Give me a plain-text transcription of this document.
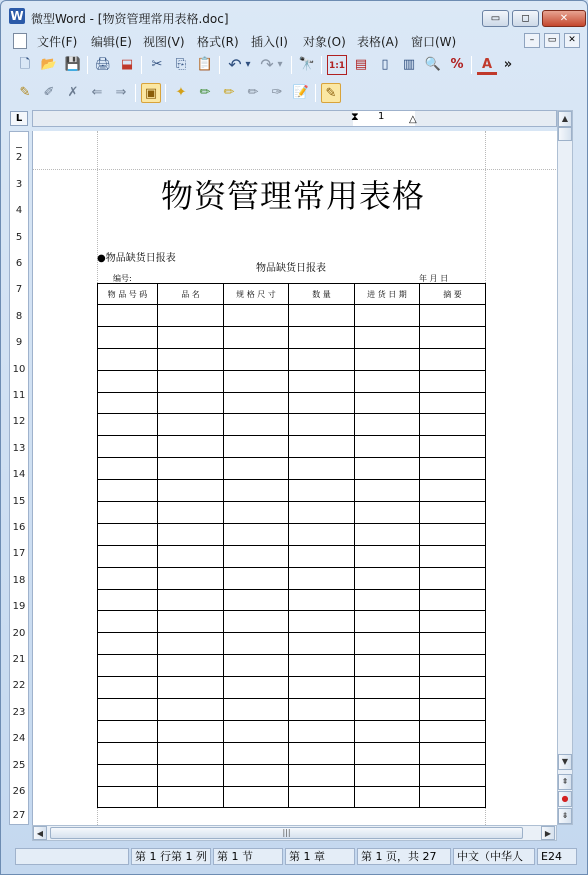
W 微型Word - [物资管理常用表格.doc]	▭	◻	✕
文件(F) 编辑(E) 视图(V) 格式(R) 插入(I) 对象(O) 表格(A) 窗口(W)	–	▭	✕
🗋 📂 💾 🖨 ⬓	✂	⎘ 📋 ↶ ▾ ↷ ▾ 🔭 1:1 ▤	▯	▥ 🔍 %	A »
✎	✐	✗	⇐	⇒	▣	✦	✏	✏	✏	✑ 📝	✎
L	1
⧗	△
2
3
4
5
6
7
8
9
10
11
12
13
14
15
16
17
18
19
20
21
22
23
24
25
26
27
物资管理常用表格
●物品缺货日报表
物品缺货日报表
编号:	年 月 日
物 品 号 码	品 名	规 格 尺 寸	数 量	进 货 日 期	摘 要

▲
▼
⇞
●
⇟
◀	|||	▶
第 1 行第 1 列 第 1 节	第 1 章	第 1 页，共 27	中文（中华人	E24
